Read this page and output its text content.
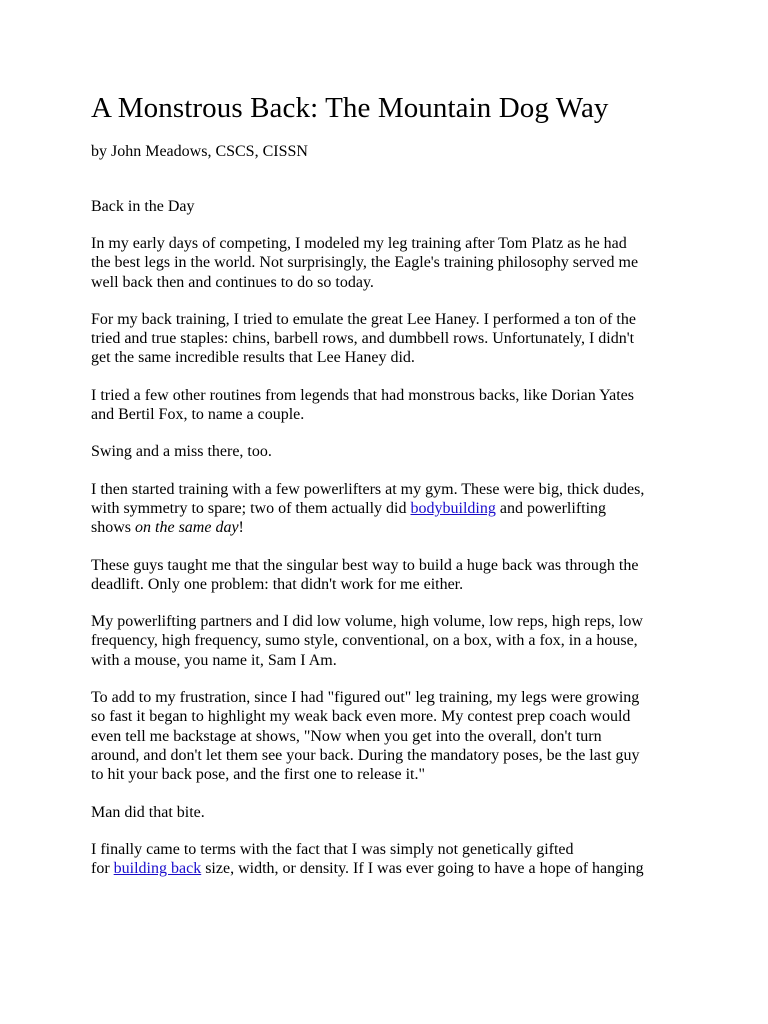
A Monstrous Back: The Mountain Dog Way
by John Meadows, CSCS, CISSN
Back in the Day

In my early days of competing, I modeled my leg training after Tom Platz as he had
the best legs in the world. Not surprisingly, the Eagle's training philosophy served me
well back then and continues to do so today.

For my back training, I tried to emulate the great Lee Haney. I performed a ton of the
tried and true staples: chins, barbell rows, and dumbbell rows. Unfortunately, I didn't
get the same incredible results that Lee Haney did.

I tried a few other routines from legends that had monstrous backs, like Dorian Yates
and Bertil Fox, to name a couple.

Swing and a miss there, too.

I then started training with a few powerlifters at my gym. These were big, thick dudes,
with symmetry to spare; two of them actually did bodybuilding and powerlifting
shows on the same day!

These guys taught me that the singular best way to build a huge back was through the
deadlift. Only one problem: that didn't work for me either.

My powerlifting partners and I did low volume, high volume, low reps, high reps, low
frequency, high frequency, sumo style, conventional, on a box, with a fox, in a house,
with a mouse, you name it, Sam I Am.

To add to my frustration, since I had "figured out" leg training, my legs were growing
so fast it began to highlight my weak back even more. My contest prep coach would
even tell me backstage at shows, "Now when you get into the overall, don't turn
around, and don't let them see your back. During the mandatory poses, be the last guy
to hit your back pose, and the first one to release it."

Man did that bite.

I finally came to terms with the fact that I was simply not genetically gifted
for building back size, width, or density. If I was ever going to have a hope of hanging
